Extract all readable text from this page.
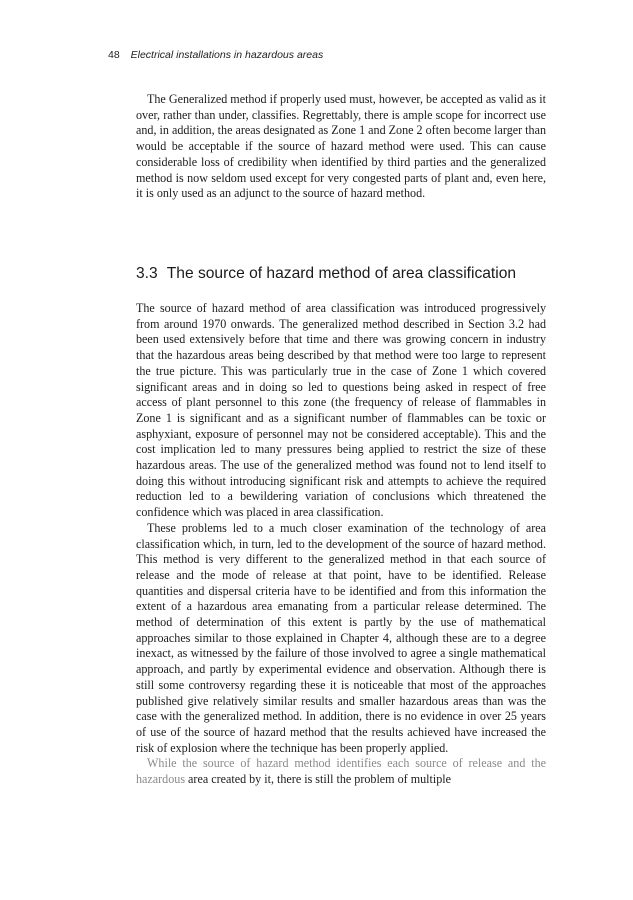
48 Electrical installations in hazardous areas

The Generalized method if properly used must, however, be accepted as valid as it over, rather than under, classifies. Regrettably, there is ample scope for incorrect use and, in addition, the areas designated as Zone 1 and Zone 2 often become larger than would be acceptable if the source of hazard method were used. This can cause considerable loss of credibility when identified by third parties and the generalized method is now seldom used except for very congested parts of plant and, even here, it is only used as an adjunct to the source of hazard method.

3.3 The source of hazard method of area classification

The source of hazard method of area classification was introduced progressively from around 1970 onwards. The generalized method described in Section 3.2 had been used extensively before that time and there was growing concern in industry that the hazardous areas being described by that method were too large to represent the true picture. This was particularly true in the case of Zone 1 which covered significant areas and in doing so led to questions being asked in respect of free access of plant personnel to this zone (the frequency of release of flammables in Zone 1 is significant and as a significant number of flammables can be toxic or asphyxiant, exposure of personnel may not be considered acceptable). This and the cost implication led to many pressures being applied to restrict the size of these hazardous areas. The use of the generalized method was found not to lend itself to doing this without introducing significant risk and attempts to achieve the required reduction led to a bewildering variation of conclusions which threatened the confidence which was placed in area classification.

These problems led to a much closer examination of the technology of area classification which, in turn, led to the development of the source of hazard method. This method is very different to the generalized method in that each source of release and the mode of release at that point, have to be identified. Release quantities and dispersal criteria have to be identified and from this information the extent of a hazardous area emanating from a particular release determined. The method of determination of this extent is partly by the use of mathematical approaches similar to those explained in Chapter 4, although these are to a degree inexact, as witnessed by the failure of those involved to agree a single mathematical approach, and partly by experimental evidence and observation. Although there is still some controversy regarding these it is noticeable that most of the approaches published give relatively similar results and smaller hazardous areas than was the case with the generalized method. In addition, there is no evidence in over 25 years of use of the source of hazard method that the results achieved have increased the risk of explosion where the technique has been properly applied.

While the source of hazard method identifies each source of release and the hazardous area created by it, there is still the problem of multiple
